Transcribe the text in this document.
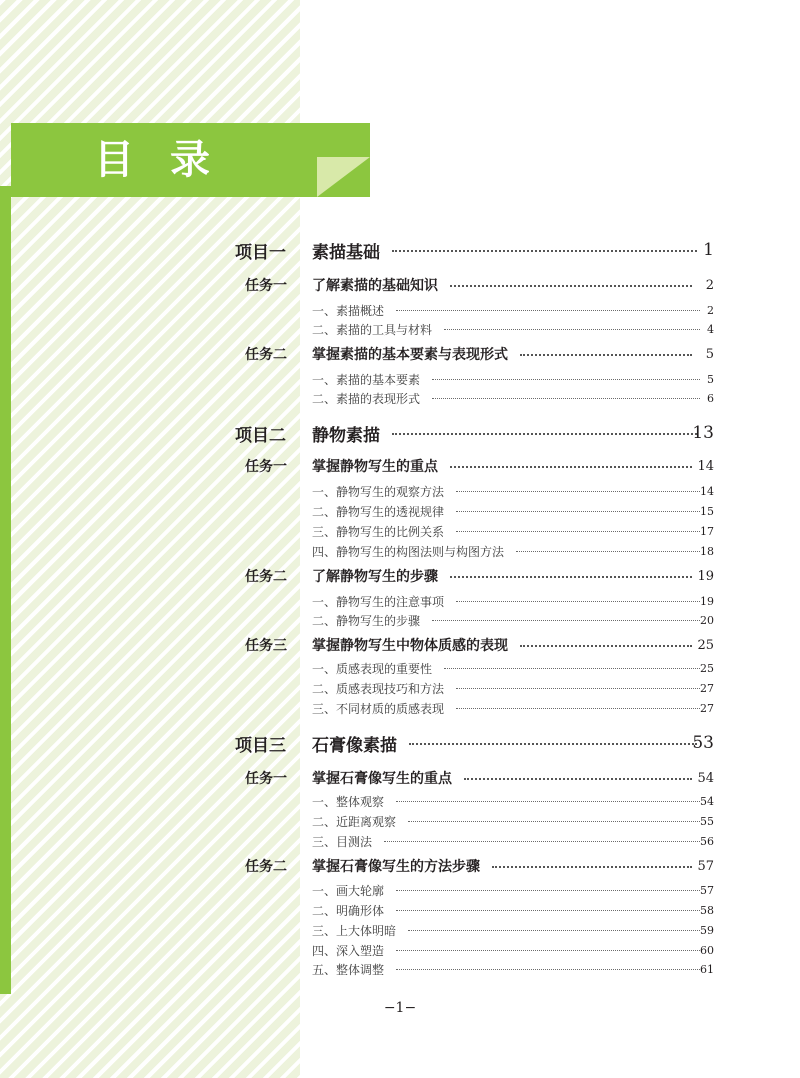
目录
项目一 素描基础	1
任务一 了解素描的基础知识	2
一、素描概述	2
二、素描的工具与材料	4
任务二 掌握素描的基本要素与表现形式	5
一、素描的基本要素	5
二、素描的表现形式	6
项目二 静物素描	13
任务一 掌握静物写生的重点	14
一、静物写生的观察方法	14
二、静物写生的透视规律	15
三、静物写生的比例关系	17
四、静物写生的构图法则与构图方法	18
任务二 了解静物写生的步骤	19
一、静物写生的注意事项	19
二、静物写生的步骤	20
任务三 掌握静物写生中物体质感的表现	25
一、质感表现的重要性	25
二、质感表现技巧和方法	27
三、不同材质的质感表现	27
项目三 石膏像素描	53
任务一 掌握石膏像写生的重点	54
一、整体观察	54
二、近距离观察	55
三、目测法	56
任务二 掌握石膏像写生的方法步骤	57
一、画大轮廓	57
二、明确形体	58
三、上大体明暗	59
四、深入塑造	60
五、整体调整	61
−1−
